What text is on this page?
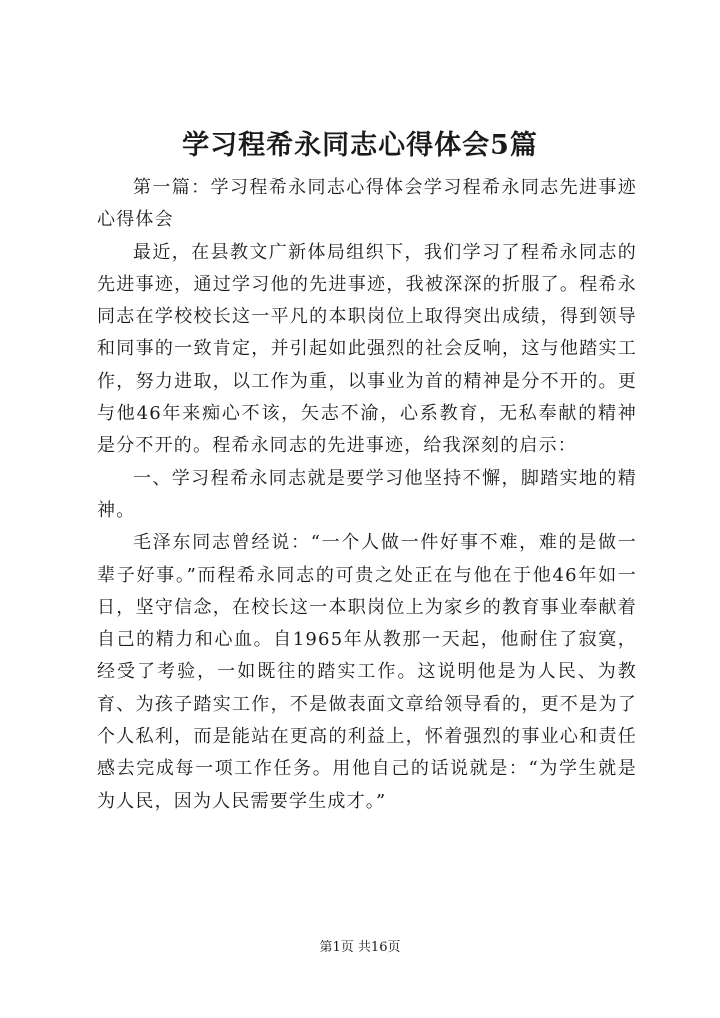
学习程希永同志心得体会5篇

第一篇：学习程希永同志心得体会学习程希永同志先进事迹心得体会

最近，在县教文广新体局组织下，我们学习了程希永同志的先进事迹，通过学习他的先进事迹，我被深深的折服了。程希永同志在学校校长这一平凡的本职岗位上取得突出成绩，得到领导和同事的一致肯定，并引起如此强烈的社会反响，这与他踏实工作，努力进取，以工作为重，以事业为首的精神是分不开的。更与他46年来痴心不该，矢志不渝，心系教育，无私奉献的精神是分不开的。程希永同志的先进事迹，给我深刻的启示：

一、学习程希永同志就是要学习他坚持不懈，脚踏实地的精神。

毛泽东同志曾经说：“一个人做一件好事不难，难的是做一辈子好事。”而程希永同志的可贵之处正在与他在于他46年如一日，坚守信念，在校长这一本职岗位上为家乡的教育事业奉献着自己的精力和心血。自1965年从教那一天起，他耐住了寂寞，经受了考验，一如既往的踏实工作。这说明他是为人民、为教育、为孩子踏实工作，不是做表面文章给领导看的，更不是为了个人私利，而是能站在更高的利益上，怀着强烈的事业心和责任感去完成每一项工作任务。用他自己的话说就是：“为学生就是为人民，因为人民需要学生成才。”

第1页 共16页
